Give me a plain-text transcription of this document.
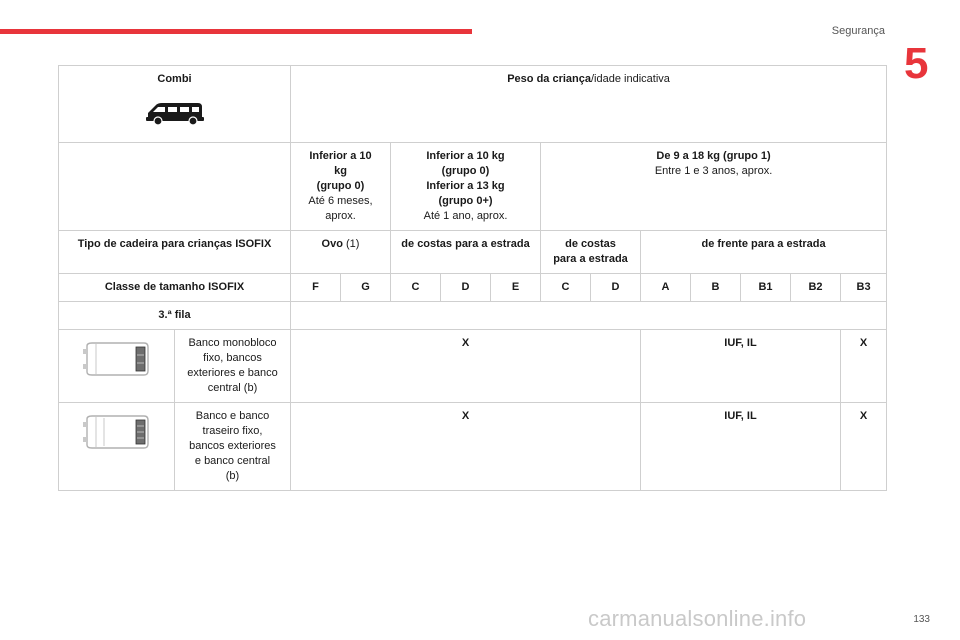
Segurança
5
Combi		Peso da criança/idade indicativa											

		Inferior a 10
kg
(grupo 0)
Até 6 meses,
aprox.		Inferior a 10 kg
(grupo 0)
Inferior a 13 kg
(grupo 0+)
Até 1 ano, aprox.			De 9 a 18 kg (grupo 1)
Entre 1 e 3 anos, aprox.						

Tipo de cadeira para crianças ISOFIX		Ovo (1)		de costas para a estrada			de costas
para a estrada		de frente para a estrada				
Classe de tamanho ISOFIX		F	G	C	D	E	C	D	A	B	B1	B2	B3
3.ª fila													

Banco monobloco
fixo, bancos
exteriores e banco
central (b)	X							IUF, IL				X

Banco e banco
traseiro fixo,
bancos exteriores
e banco central
(b)	X							IUF, IL				X
carmanualsonline.info	133
